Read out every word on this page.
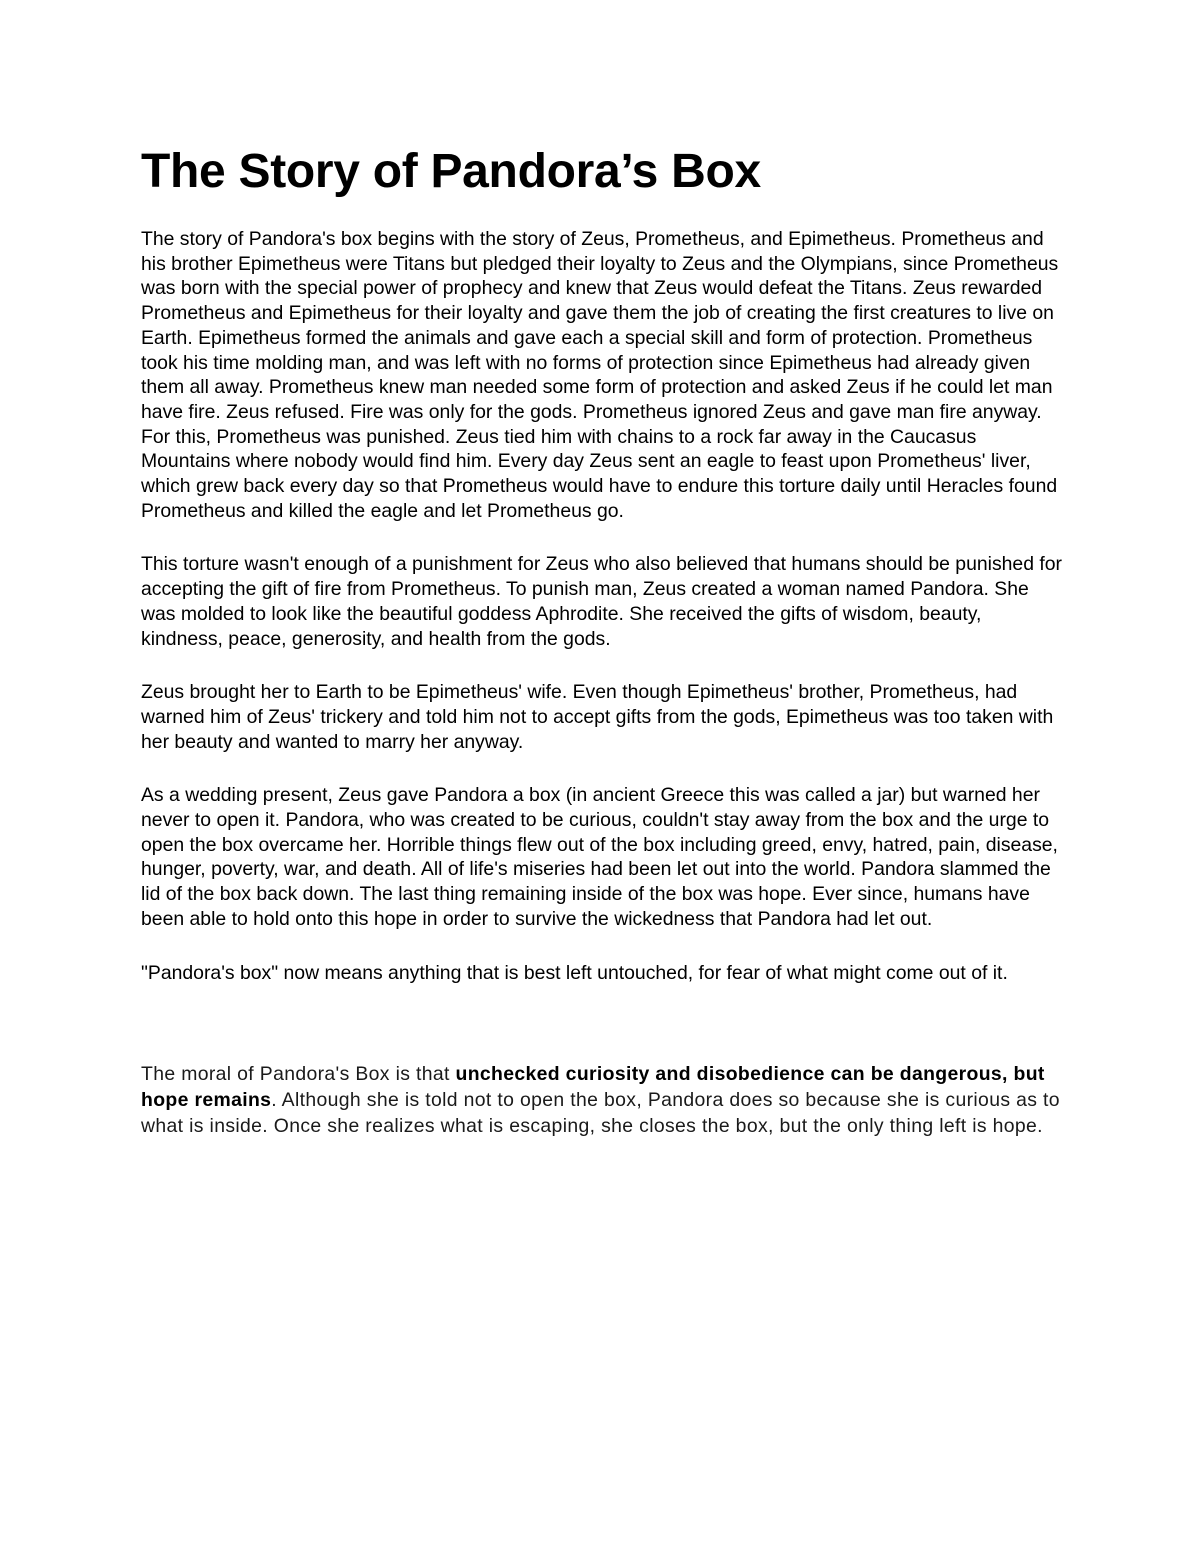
The Story of Pandora’s Box

The story of Pandora's box begins with the story of Zeus, Prometheus, and Epimetheus. Prometheus and his brother Epimetheus were Titans but pledged their loyalty to Zeus and the Olympians, since Prometheus was born with the special power of prophecy and knew that Zeus would defeat the Titans. Zeus rewarded Prometheus and Epimetheus for their loyalty and gave them the job of creating the first creatures to live on Earth. Epimetheus formed the animals and gave each a special skill and form of protection. Prometheus took his time molding man, and was left with no forms of protection since Epimetheus had already given them all away. Prometheus knew man needed some form of protection and asked Zeus if he could let man have fire. Zeus refused. Fire was only for the gods. Prometheus ignored Zeus and gave man fire anyway. For this, Prometheus was punished. Zeus tied him with chains to a rock far away in the Caucasus Mountains where nobody would find him. Every day Zeus sent an eagle to feast upon Prometheus' liver, which grew back every day so that Prometheus would have to endure this torture daily until Heracles found Prometheus and killed the eagle and let Prometheus go.

This torture wasn't enough of a punishment for Zeus who also believed that humans should be punished for accepting the gift of fire from Prometheus. To punish man, Zeus created a woman named Pandora. She was molded to look like the beautiful goddess Aphrodite. She received the gifts of wisdom, beauty, kindness, peace, generosity, and health from the gods.

Zeus brought her to Earth to be Epimetheus' wife. Even though Epimetheus' brother, Prometheus, had warned him of Zeus' trickery and told him not to accept gifts from the gods, Epimetheus was too taken with her beauty and wanted to marry her anyway.

As a wedding present, Zeus gave Pandora a box (in ancient Greece this was called a jar) but warned her never to open it. Pandora, who was created to be curious, couldn't stay away from the box and the urge to open the box overcame her. Horrible things flew out of the box including greed, envy, hatred, pain, disease, hunger, poverty, war, and death. All of life's miseries had been let out into the world. Pandora slammed the lid of the box back down. The last thing remaining inside of the box was hope. Ever since, humans have been able to hold onto this hope in order to survive the wickedness that Pandora had let out.

"Pandora's box" now means anything that is best left untouched, for fear of what might come out of it.

The moral of Pandora's Box is that unchecked curiosity and disobedience can be dangerous, but hope remains. Although she is told not to open the box, Pandora does so because she is curious as to what is inside. Once she realizes what is escaping, she closes the box, but the only thing left is hope.
